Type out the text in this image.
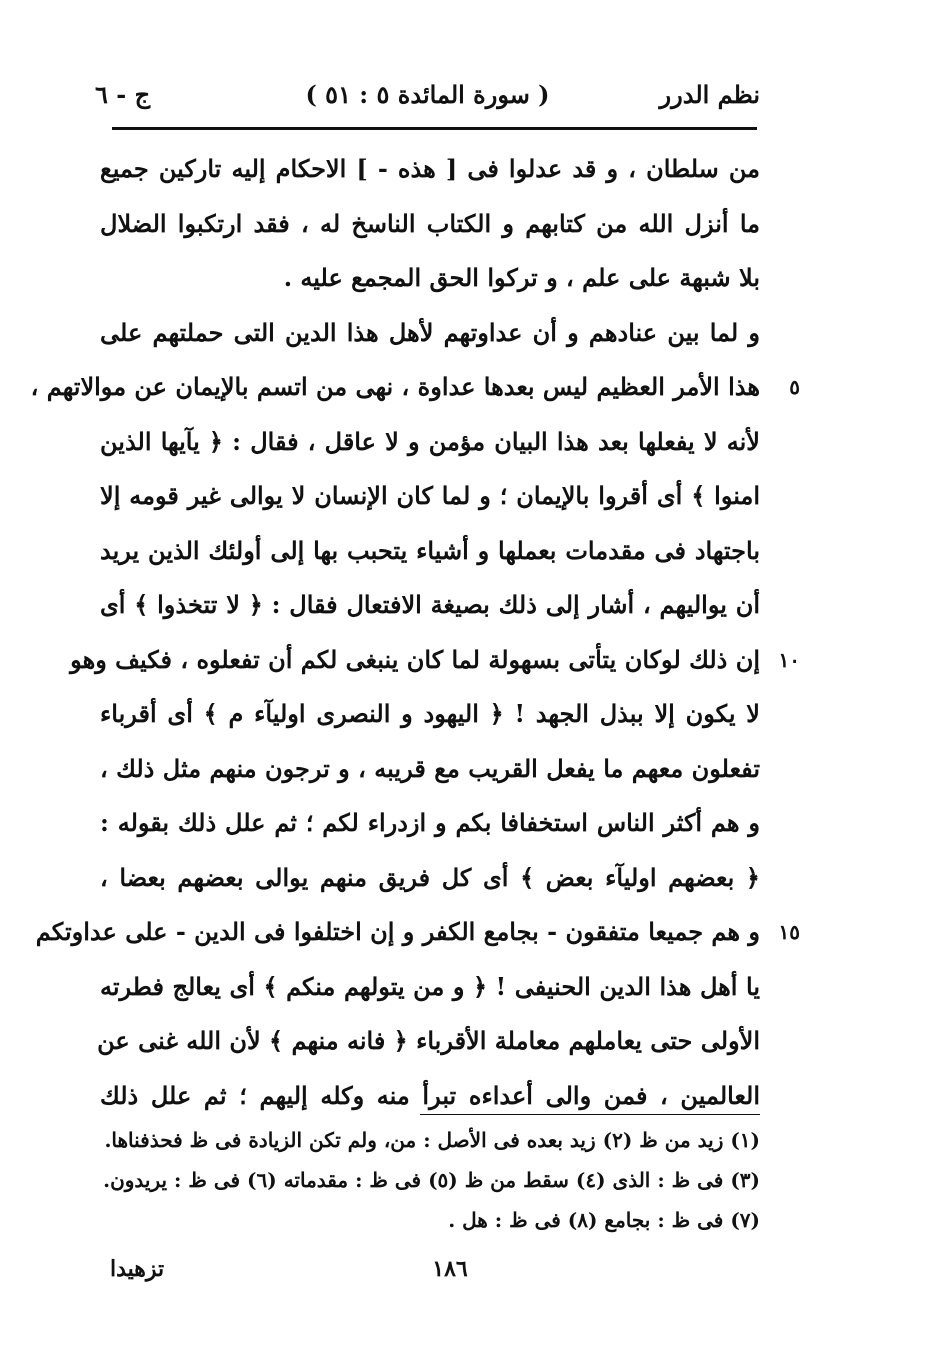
نظم الدرر
( سورة المائدة ٥ : ٥١ )
ج - ٦
من سلطان ، و قد عدلوا فى [ هذه - ] الاحكام إليه تاركين جميع
ما أنزل الله من كتابهم و الكتاب الناسخ له ، فقد ارتكبوا الضلال
بلا شبهة على علم ، و تركوا الحق المجمع عليه .
و لما بين عنادهم و أن عداوتهم لأهل هذا الدين التى حملتهم على
٥
هذا الأمر العظيم ليس بعدها عداوة ، نهى من اتسم بالإيمان عن موالاتهم ،
لأنه لا يفعلها بعد هذا البيان مؤمن و لا عاقل ، فقال : ﴿ يآيها الذين
امنوا ﴾ أى أقروا بالإيمان ؛ و لما كان الإنسان لا يوالى غير قومه إلا
باجتهاد فى مقدمات بعملها و أشياء يتحبب بها إلى أولئك الذين يريد
أن يواليهم ، أشار إلى ذلك بصيغة الافتعال فقال : ﴿ لا تتخذوا ﴾ أى
١٠
إن ذلك لوكان يتأتى بسهولة لما كان ينبغى لكم أن تفعلوه ، فكيف وهو
لا يكون إلا ببذل الجهد ! ﴿ اليهود و النصرى اوليآء م ﴾ أى أقرباء
تفعلون معهم ما يفعل القريب مع قريبه ، و ترجون منهم مثل ذلك ،
و هم أكثر الناس استخفافا بكم و ازدراء لكم ؛ ثم علل ذلك بقوله :
﴿ بعضهم اوليآء بعض ﴾ أى كل فريق منهم يوالى بعضهم بعضا ،
١٥
و هم جميعا متفقون - بجامع الكفر و إن اختلفوا فى الدين - على عداوتكم
يا أهل هذا الدين الحنيفى ! ﴿ و من يتولهم منكم ﴾ أى يعالج فطرته
الأولى حتى يعاملهم معاملة الأقرباء ﴿ فانه منهم ﴾ لأن الله غنى عن
العالمين ، فمن والى أعداءه تبرأ منه وكله إليهم ؛ ثم علل ذلك
(١) زيد من ظ (٢) زيد بعده فى الأصل : من، ولم تكن الزيادة فى ظ فحذفناها.
(٣) فى ظ : الذى (٤) سقط من ظ (٥) فى ظ : مقدماته (٦) فى ظ : يريدون.
(٧) فى ظ : بجامع (٨) فى ظ : هل .
تزهيدا	١٨٦
